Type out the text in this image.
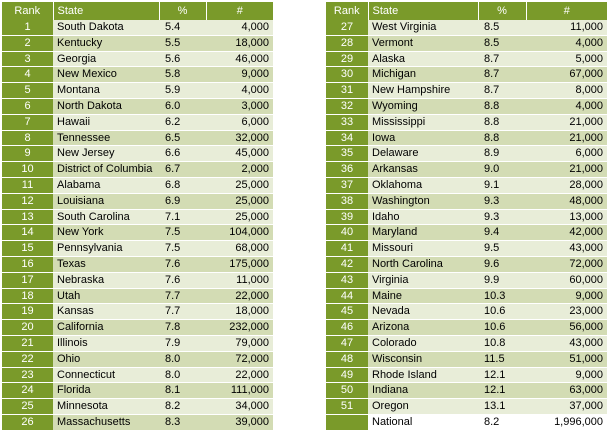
Rank	State	%	#
1	South Dakota	5.4	4,000
2	Kentucky	5.5	18,000
3	Georgia	5.6	46,000
4	New Mexico	5.8	9,000
5	Montana	5.9	4,000
6	North Dakota	6.0	3,000
7	Hawaii	6.2	6,000
8	Tennessee	6.5	32,000
9	New Jersey	6.6	45,000
10	District of Columbia	6.7	2,000
11	Alabama	6.8	25,000
12	Louisiana	6.9	25,000
13	South Carolina	7.1	25,000
14	New York	7.5	104,000
15	Pennsylvania	7.5	68,000
16	Texas	7.6	175,000
17	Nebraska	7.6	11,000
18	Utah	7.7	22,000
19	Kansas	7.7	18,000
20	California	7.8	232,000
21	Illinois	7.9	79,000
22	Ohio	8.0	72,000
23	Connecticut	8.0	22,000
24	Florida	8.1	111,000
25	Minnesota	8.2	34,000
26	Massachusetts	8.3	39,000
Rank	State	%	#
27	West Virginia	8.5	11,000
28	Vermont	8.5	4,000
29	Alaska	8.7	5,000
30	Michigan	8.7	67,000
31	New Hampshire	8.7	8,000
32	Wyoming	8.8	4,000
33	Mississippi	8.8	21,000
34	Iowa	8.8	21,000
35	Delaware	8.9	6,000
36	Arkansas	9.0	21,000
37	Oklahoma	9.1	28,000
38	Washington	9.3	48,000
39	Idaho	9.3	13,000
40	Maryland	9.4	42,000
41	Missouri	9.5	43,000
42	North Carolina	9.6	72,000
43	Virginia	9.9	60,000
44	Maine	10.3	9,000
45	Nevada	10.6	23,000
46	Arizona	10.6	56,000
47	Colorado	10.8	43,000
48	Wisconsin	11.5	51,000
49	Rhode Island	12.1	9,000
50	Indiana	12.1	63,000
51	Oregon	13.1	37,000
	National	8.2	1,996,000
